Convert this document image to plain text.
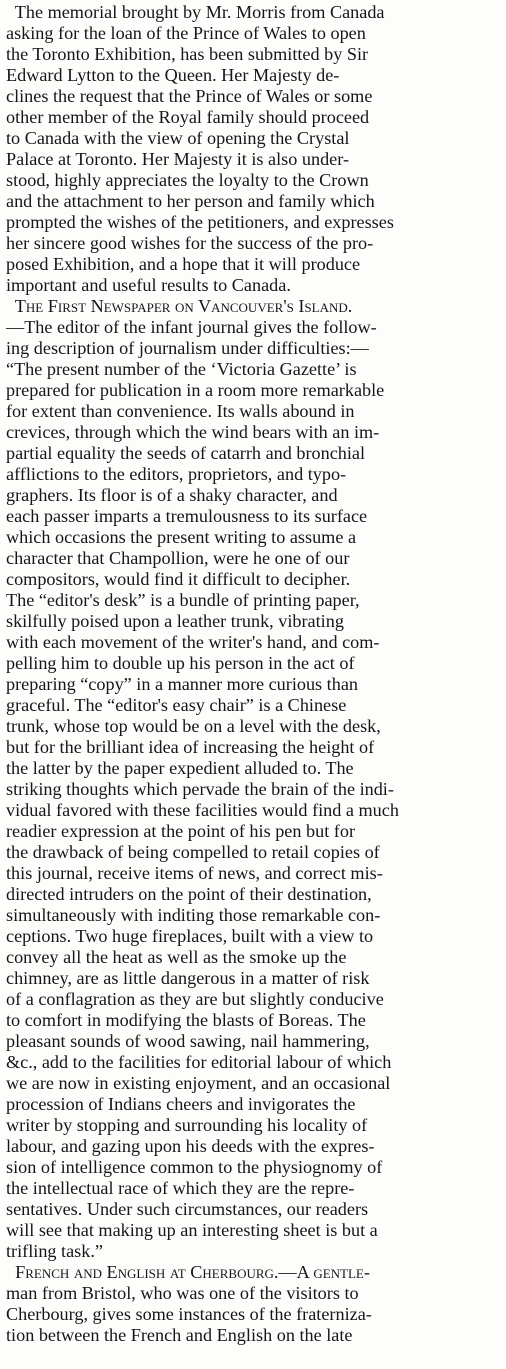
The memorial brought by Mr. Morris from Canada
asking for the loan of the Prince of Wales to open
the Toronto Exhibition, has been submitted by Sir
Edward Lytton to the Queen. Her Majesty de-
clines the request that the Prince of Wales or some
other member of the Royal family should proceed
to Canada with the view of opening the Crystal
Palace at Toronto. Her Majesty it is also under-
stood, highly appreciates the loyalty to the Crown
and the attachment to her person and family which
prompted the wishes of the petitioners, and expresses
her sincere good wishes for the success of the pro-
posed Exhibition, and a hope that it will produce
important and useful results to Canada.
The First Newspaper on Vancouver's Island.
—The editor of the infant journal gives the follow-
ing description of journalism under difficulties:—
“The present number of the ‘Victoria Gazette’ is
prepared for publication in a room more remarkable
for extent than convenience. Its walls abound in
crevices, through which the wind bears with an im-
partial equality the seeds of catarrh and bronchial
afflictions to the editors, proprietors, and typo-
graphers. Its floor is of a shaky character, and
each passer imparts a tremulousness to its surface
which occasions the present writing to assume a
character that Champollion, were he one of our
compositors, would find it difficult to decipher.
The “editor's desk” is a bundle of printing paper,
skilfully poised upon a leather trunk, vibrating
with each movement of the writer's hand, and com-
pelling him to double up his person in the act of
preparing “copy” in a manner more curious than
graceful. The “editor's easy chair” is a Chinese
trunk, whose top would be on a level with the desk,
but for the brilliant idea of increasing the height of
the latter by the paper expedient alluded to. The
striking thoughts which pervade the brain of the indi-
vidual favored with these facilities would find a much
readier expression at the point of his pen but for
the drawback of being compelled to retail copies of
this journal, receive items of news, and correct mis-
directed intruders on the point of their destination,
simultaneously with inditing those remarkable con-
ceptions. Two huge fireplaces, built with a view to
convey all the heat as well as the smoke up the
chimney, are as little dangerous in a matter of risk
of a conflagration as they are but slightly conducive
to comfort in modifying the blasts of Boreas. The
pleasant sounds of wood sawing, nail hammering,
&c., add to the facilities for editorial labour of which
we are now in existing enjoyment, and an occasional
procession of Indians cheers and invigorates the
writer by stopping and surrounding his locality of
labour, and gazing upon his deeds with the expres-
sion of intelligence common to the physiognomy of
the intellectual race of which they are the repre-
sentatives. Under such circumstances, our readers
will see that making up an interesting sheet is but a
trifling task.”
French and English at Cherbourg.—A gentle-
man from Bristol, who was one of the visitors to
Cherbourg, gives some instances of the fraterniza-
tion between the French and English on the late
